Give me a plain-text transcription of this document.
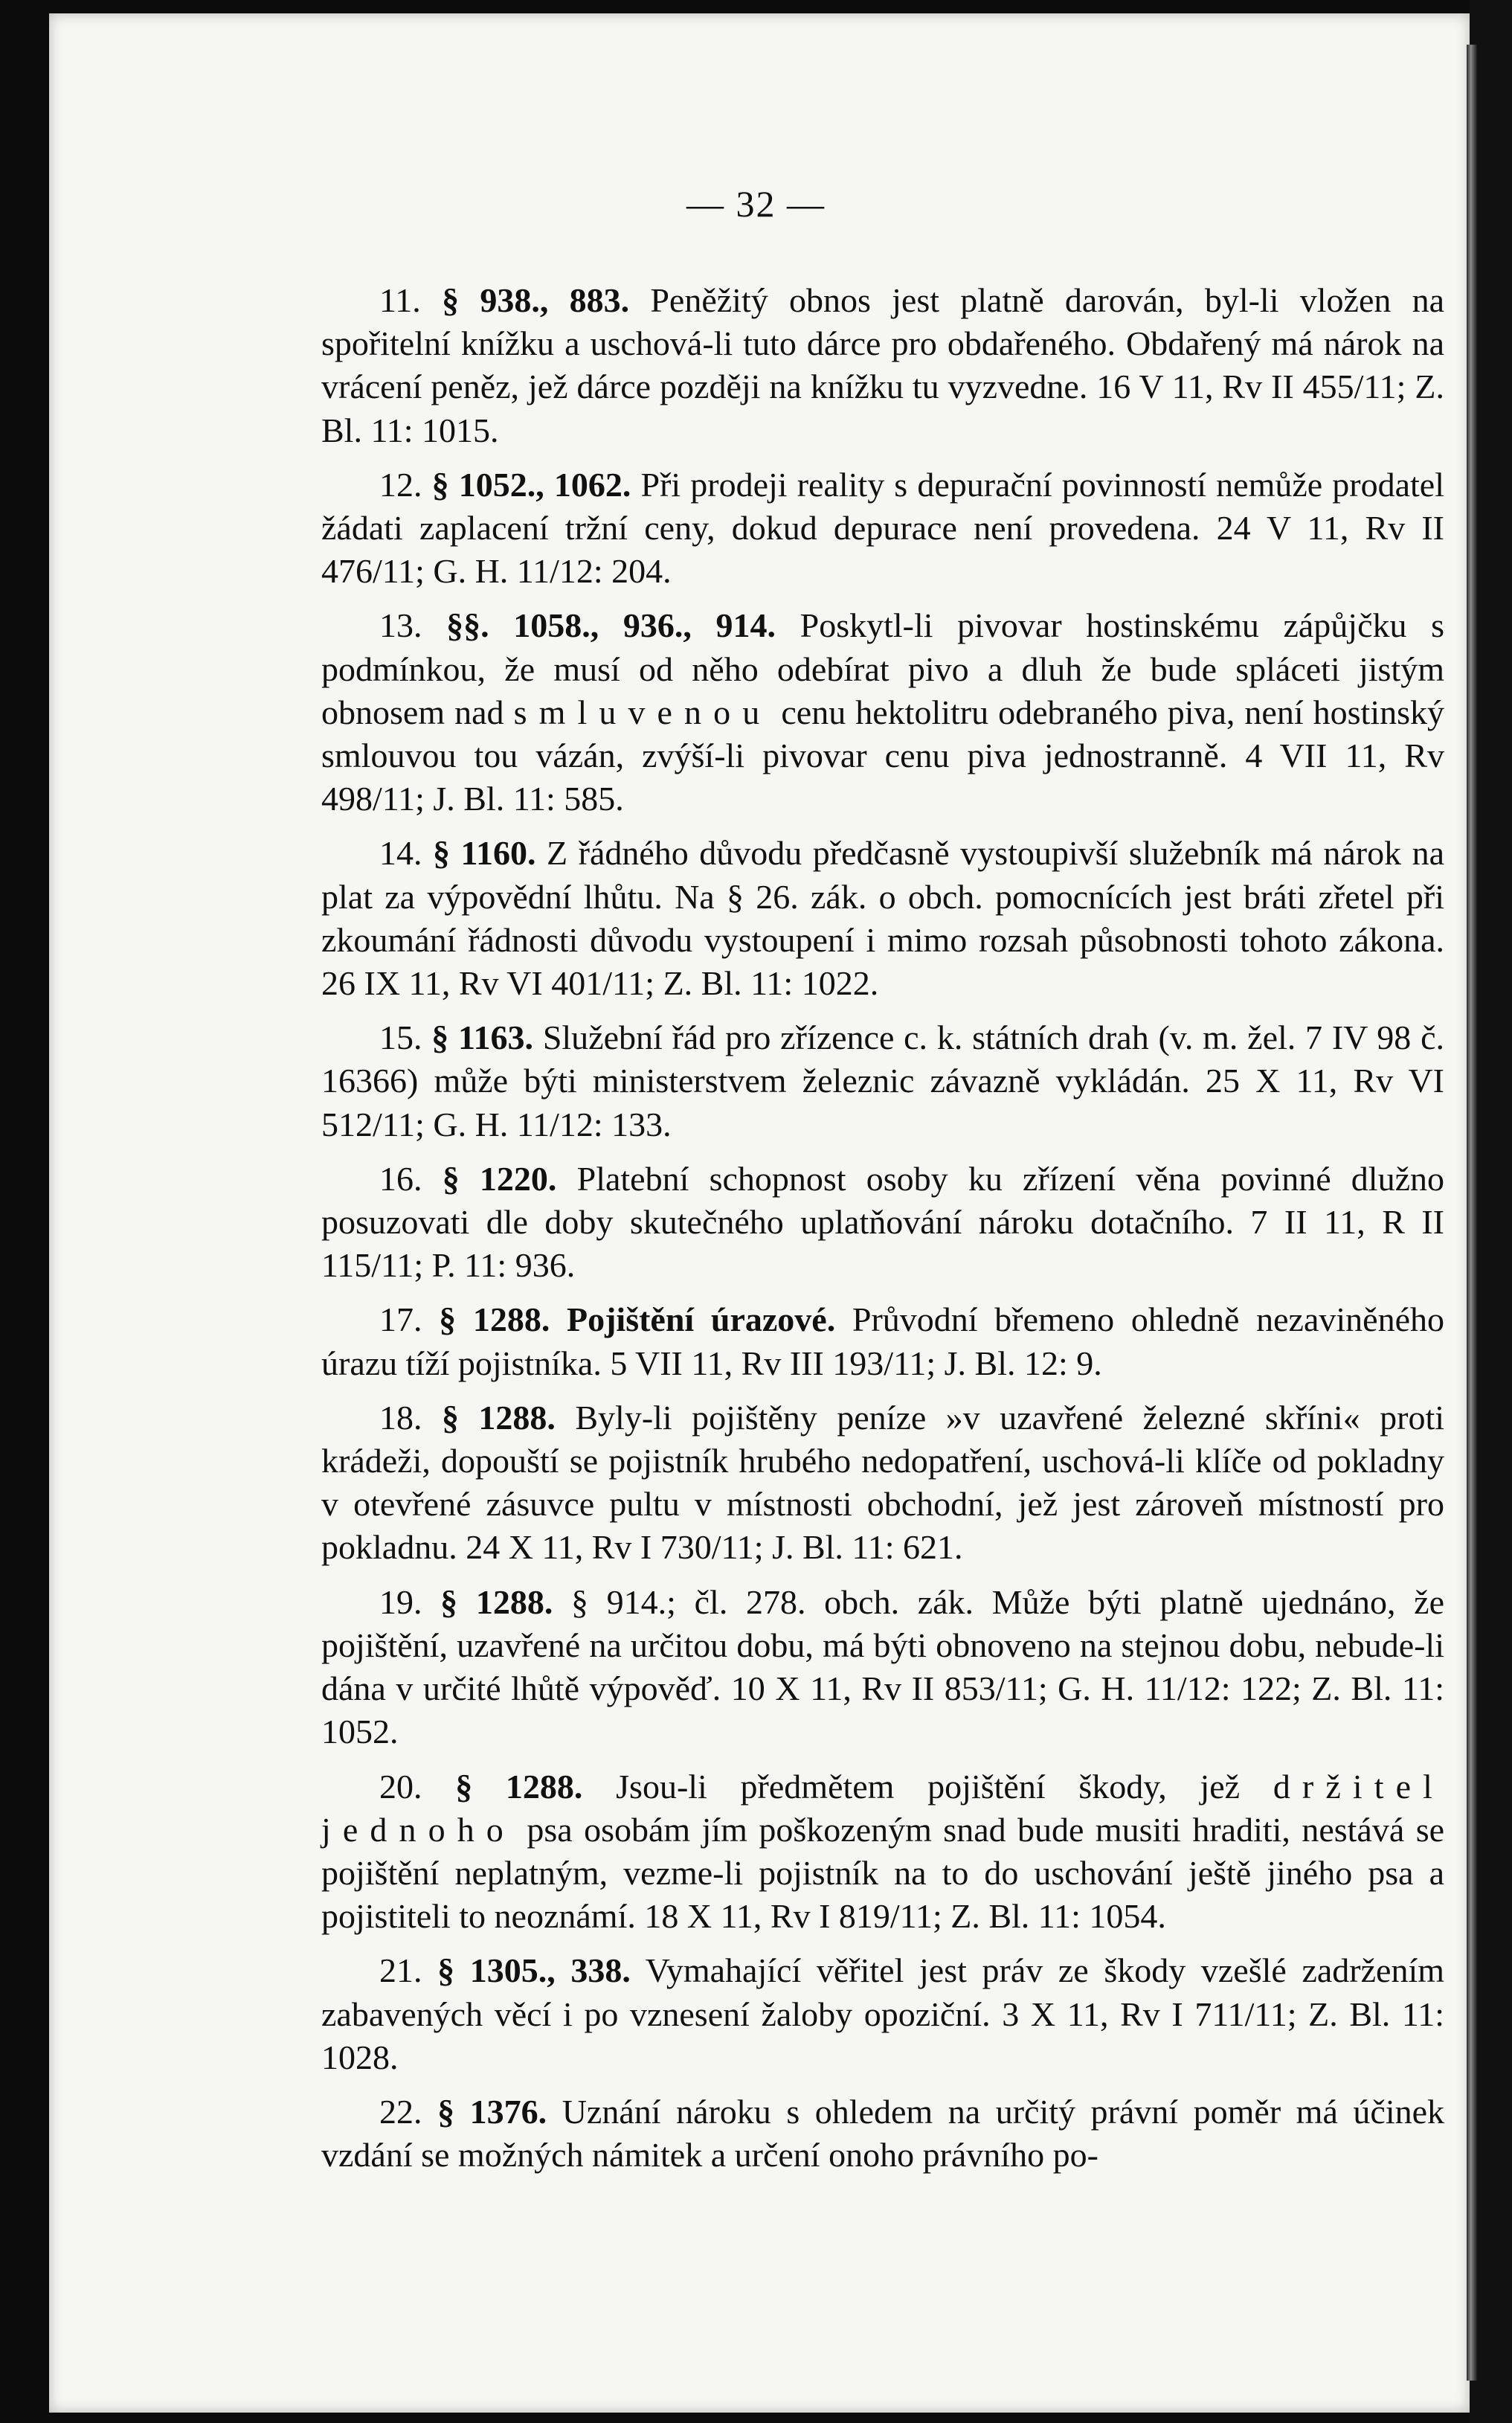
— 32 —

11. § 938., 883. Peněžitý obnos jest platně darován, byl-li vložen na spořitelní knížku a uschová-li tuto dárce pro obdařeného. Obdařený má nárok na vrácení peněz, jež dárce později na knížku tu vyzvedne. 16 V 11, Rv II 455/11; Z. Bl. 11: 1015.

12. § 1052., 1062. Při prodeji reality s depurační povinností nemůže prodatel žádati zaplacení tržní ceny, dokud depurace není provedena. 24 V 11, Rv II 476/11; G. H. 11/12: 204.

13. §§. 1058., 936., 914. Poskytl-li pivovar hostinskému zápůjčku s podmínkou, že musí od něho odebírat pivo a dluh že bude spláceti jistým obnosem nad smluvenou cenu hektolitru odebraného piva, není hostinský smlouvou tou vázán, zvýší-li pivovar cenu piva jednostranně. 4 VII 11, Rv 498/11; J. Bl. 11: 585.

14. § 1160. Z řádného důvodu předčasně vystoupivší služebník má nárok na plat za výpovědní lhůtu. Na § 26. zák. o obch. pomocnících jest bráti zřetel při zkoumání řádnosti důvodu vystoupení i mimo rozsah působnosti tohoto zákona. 26 IX 11, Rv VI 401/11; Z. Bl. 11: 1022.

15. § 1163. Služební řád pro zřízence c. k. státních drah (v. m. žel. 7 IV 98 č. 16366) může býti ministerstvem železnic závazně vykládán. 25 X 11, Rv VI 512/11; G. H. 11/12: 133.

16. § 1220. Platební schopnost osoby ku zřízení věna povinné dlužno posuzovati dle doby skutečného uplatňování nároku dotačního. 7 II 11, R II 115/11; P. 11: 936.

17. § 1288. Pojištění úrazové. Průvodní břemeno ohledně nezaviněného úrazu tíží pojistníka. 5 VII 11, Rv III 193/11; J. Bl. 12: 9.

18. § 1288. Byly-li pojištěny peníze »v uzavřené železné skříni« proti krádeži, dopouští se pojistník hrubého nedopatření, uschová-li klíče od pokladny v otevřené zásuvce pultu v místnosti obchodní, jež jest zároveň místností pro pokladnu. 24 X 11, Rv I 730/11; J. Bl. 11: 621.

19. § 1288. § 914.; čl. 278. obch. zák. Může býti platně ujednáno, že pojištění, uzavřené na určitou dobu, má býti obnoveno na stejnou dobu, nebude-li dána v určité lhůtě výpověď. 10 X 11, Rv II 853/11; G. H. 11/12: 122; Z. Bl. 11: 1052.

20. § 1288. Jsou-li předmětem pojištění škody, jež držitel jednoho psa osobám jím poškozeným snad bude musiti hraditi, nestává se pojištění neplatným, vezme-li pojistník na to do uschování ještě jiného psa a pojistiteli to neoznámí. 18 X 11, Rv I 819/11; Z. Bl. 11: 1054.

21. § 1305., 338. Vymahající věřitel jest práv ze škody vzešlé zadržením zabavených věcí i po vznesení žaloby opoziční. 3 X 11, Rv I 711/11; Z. Bl. 11: 1028.

22. § 1376. Uznání nároku s ohledem na určitý právní poměr má účinek vzdání se možných námitek a určení onoho právního po-
